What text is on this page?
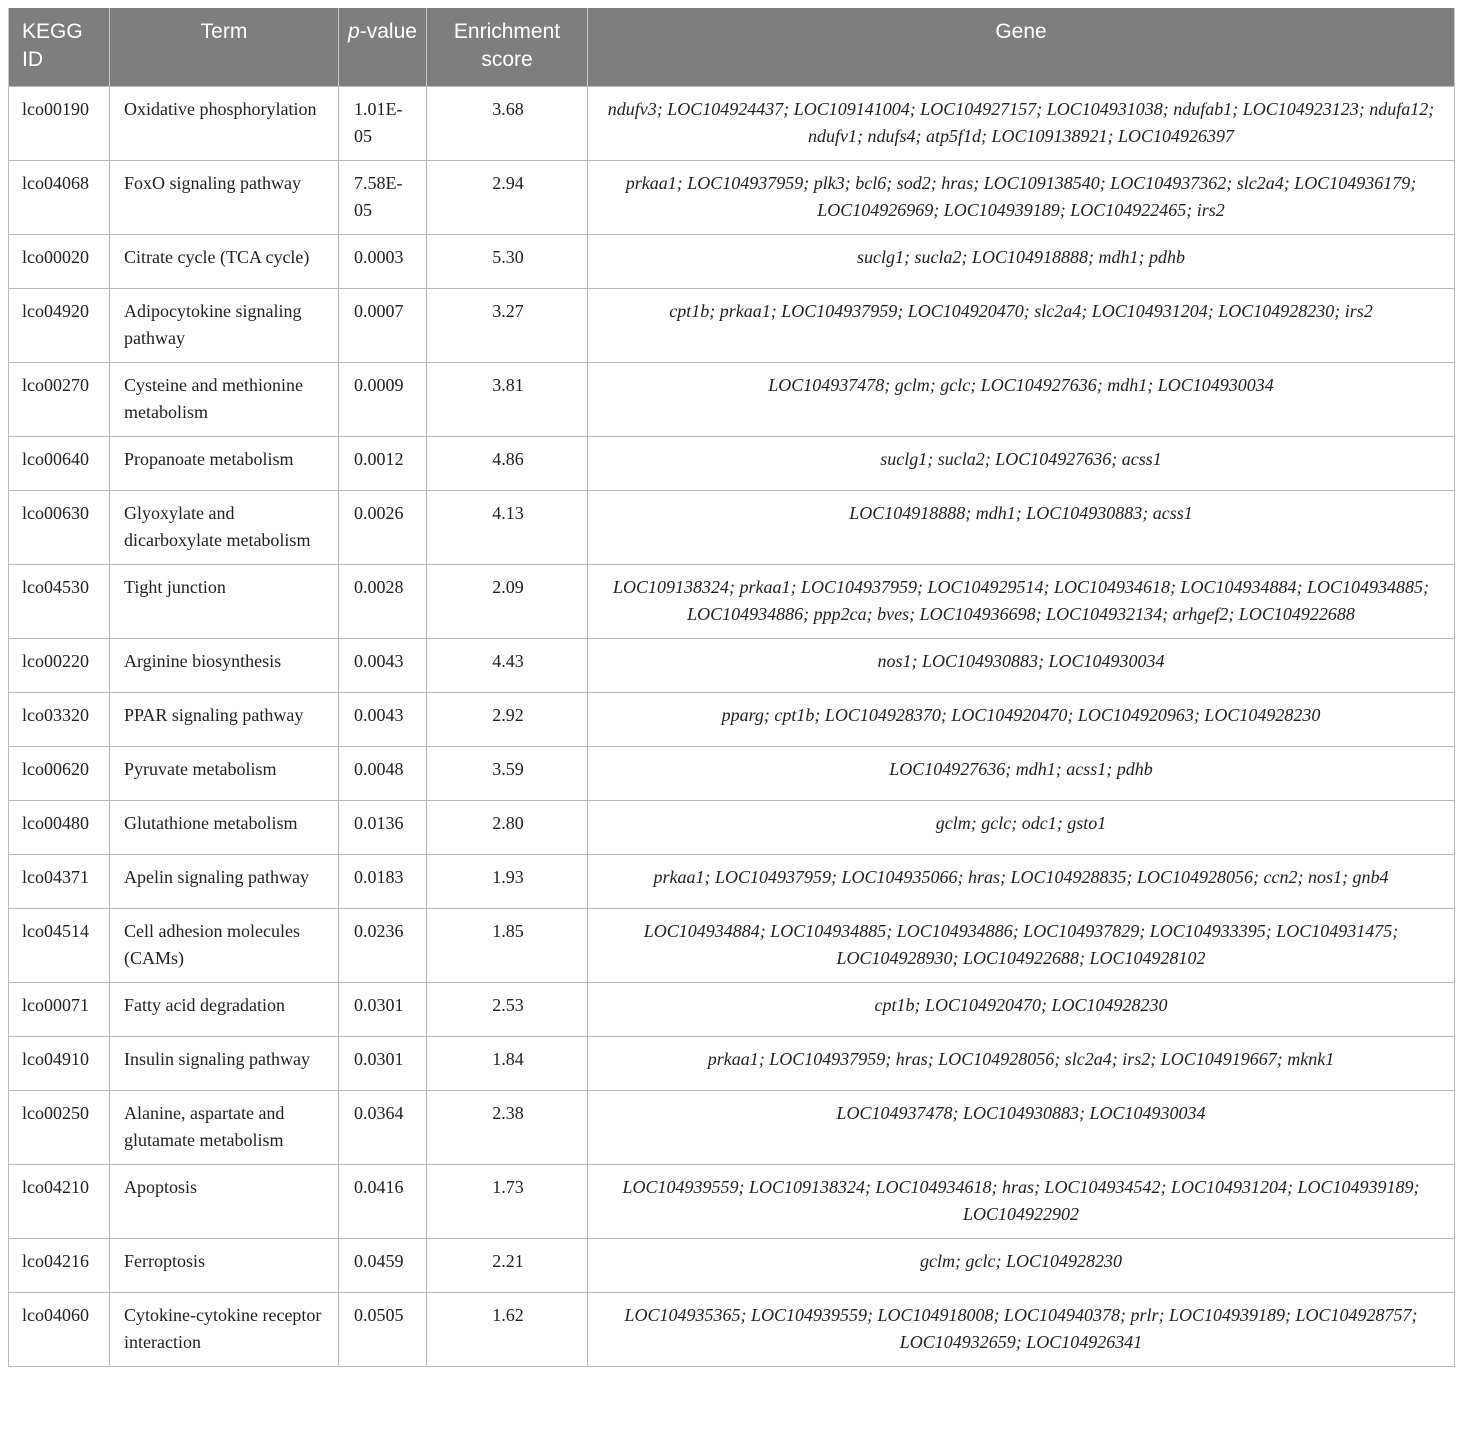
KEGG ID	Term	p-value	Enrichment score	Gene
lco00190	Oxidative phosphorylation	1.01E-05	3.68	ndufv3; LOC104924437; LOC109141004; LOC104927157; LOC104931038; ndufab1; LOC104923123; ndufa12; ndufv1; ndufs4; atp5f1d; LOC109138921; LOC104926397
lco04068	FoxO signaling pathway	7.58E-05	2.94	prkaa1; LOC104937959; plk3; bcl6; sod2; hras; LOC109138540; LOC104937362; slc2a4; LOC104936179; LOC104926969; LOC104939189; LOC104922465; irs2
lco00020	Citrate cycle (TCA cycle)	0.0003	5.30	suclg1; sucla2; LOC104918888; mdh1; pdhb
lco04920	Adipocytokine signaling pathway	0.0007	3.27	cpt1b; prkaa1; LOC104937959; LOC104920470; slc2a4; LOC104931204; LOC104928230; irs2
lco00270	Cysteine and methionine metabolism	0.0009	3.81	LOC104937478; gclm; gclc; LOC104927636; mdh1; LOC104930034
lco00640	Propanoate metabolism	0.0012	4.86	suclg1; sucla2; LOC104927636; acss1
lco00630	Glyoxylate and dicarboxylate metabolism	0.0026	4.13	LOC104918888; mdh1; LOC104930883; acss1
lco04530	Tight junction	0.0028	2.09	LOC109138324; prkaa1; LOC104937959; LOC104929514; LOC104934618; LOC104934884; LOC104934885; LOC104934886; ppp2ca; bves; LOC104936698; LOC104932134; arhgef2; LOC104922688
lco00220	Arginine biosynthesis	0.0043	4.43	nos1; LOC104930883; LOC104930034
lco03320	PPAR signaling pathway	0.0043	2.92	pparg; cpt1b; LOC104928370; LOC104920470; LOC104920963; LOC104928230
lco00620	Pyruvate metabolism	0.0048	3.59	LOC104927636; mdh1; acss1; pdhb
lco00480	Glutathione metabolism	0.0136	2.80	gclm; gclc; odc1; gsto1
lco04371	Apelin signaling pathway	0.0183	1.93	prkaa1; LOC104937959; LOC104935066; hras; LOC104928835; LOC104928056; ccn2; nos1; gnb4
lco04514	Cell adhesion molecules (CAMs)	0.0236	1.85	LOC104934884; LOC104934885; LOC104934886; LOC104937829; LOC104933395; LOC104931475; LOC104928930; LOC104922688; LOC104928102
lco00071	Fatty acid degradation	0.0301	2.53	cpt1b; LOC104920470; LOC104928230
lco04910	Insulin signaling pathway	0.0301	1.84	prkaa1; LOC104937959; hras; LOC104928056; slc2a4; irs2; LOC104919667; mknk1
lco00250	Alanine, aspartate and glutamate metabolism	0.0364	2.38	LOC104937478; LOC104930883; LOC104930034
lco04210	Apoptosis	0.0416	1.73	LOC104939559; LOC109138324; LOC104934618; hras; LOC104934542; LOC104931204; LOC104939189; LOC104922902
lco04216	Ferroptosis	0.0459	2.21	gclm; gclc; LOC104928230
lco04060	Cytokine-cytokine receptor interaction	0.0505	1.62	LOC104935365; LOC104939559; LOC104918008; LOC104940378; prlr; LOC104939189; LOC104928757; LOC104932659; LOC104926341
